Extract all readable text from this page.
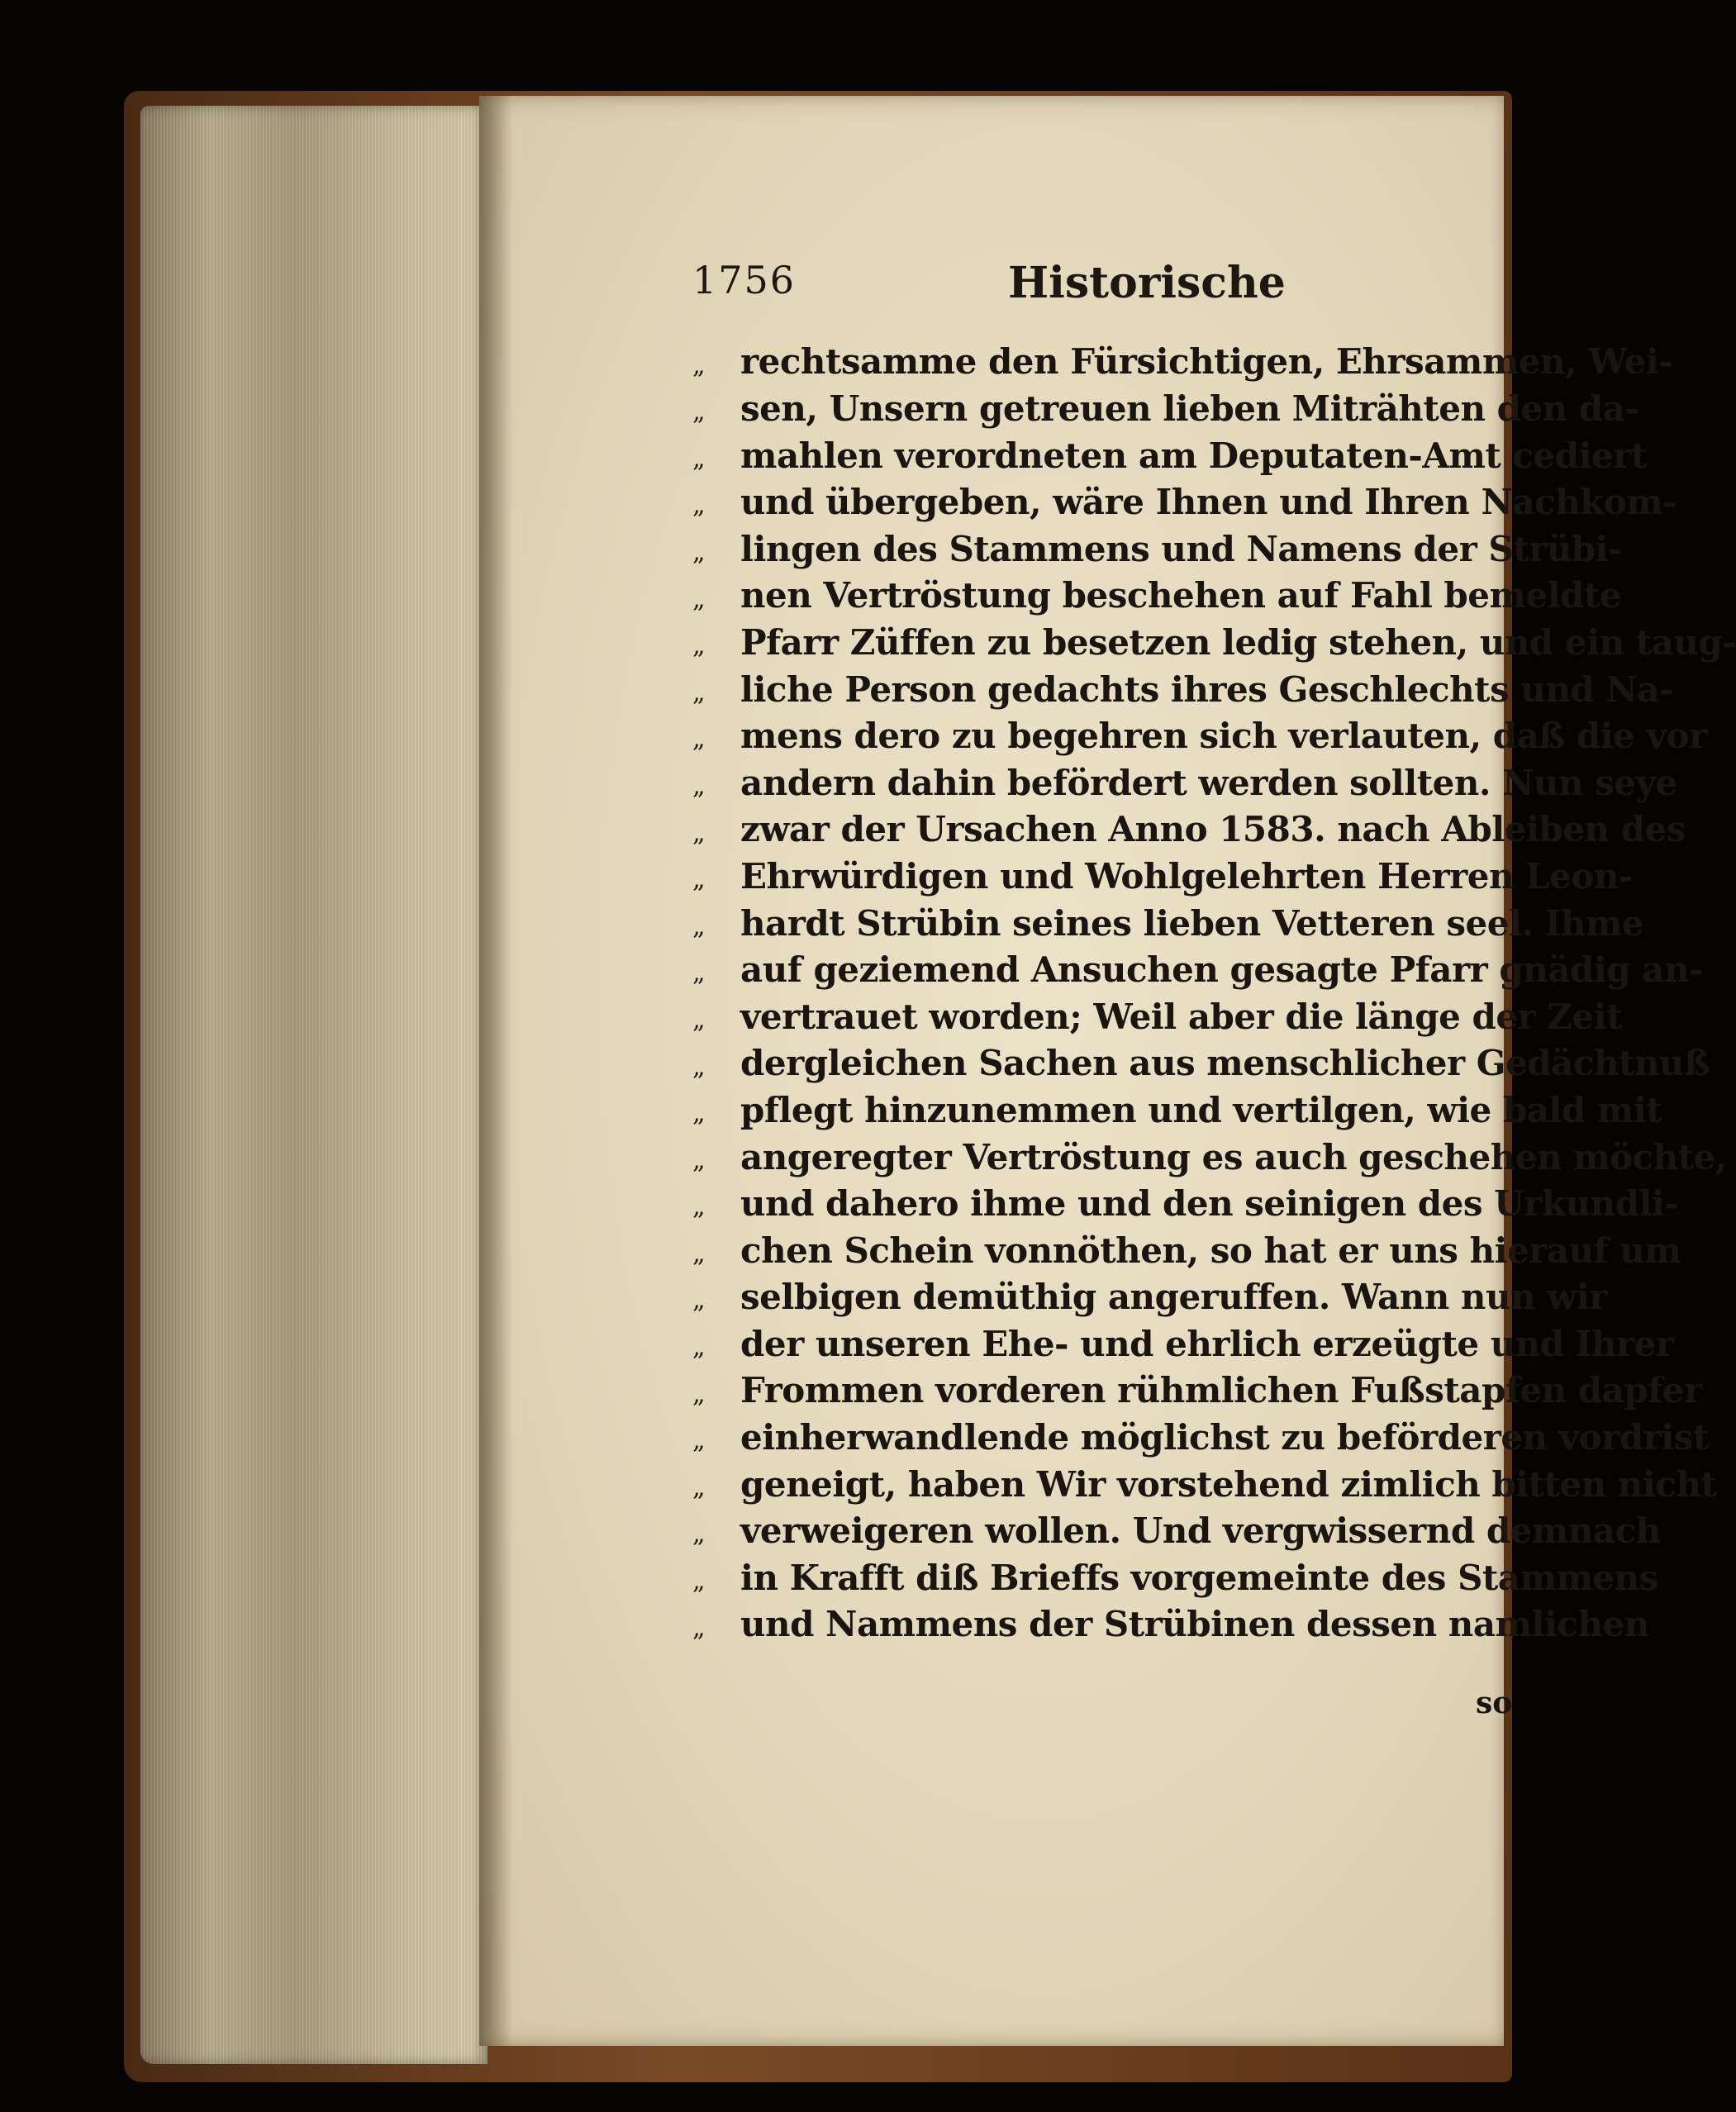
1756	Historische
„	rechtsamme den Fürsichtigen, Ehrsammen, Wei-
„	sen, Unsern getreuen lieben Miträhten den da-
„	mahlen verordneten am Deputaten-Amt cediert
„	und übergeben, wäre Ihnen und Ihren Nachkom-
„	lingen des Stammens und Namens der Strübi-
„	nen Vertröstung beschehen auf Fahl bemeldte
„	Pfarr Züffen zu besetzen ledig stehen, und ein taug-
„	liche Person gedachts ihres Geschlechts und Na-
„	mens dero zu begehren sich verlauten, daß die vor
„	andern dahin befördert werden sollten. Nun seye
„	zwar der Ursachen Anno 1583. nach Ableiben des
„	Ehrwürdigen und Wohlgelehrten Herren Leon-
„	hardt Strübin seines lieben Vetteren seel. Ihme
„	auf geziemend Ansuchen gesagte Pfarr gnädig an-
„	vertrauet worden; Weil aber die länge der Zeit
„	dergleichen Sachen aus menschlicher Gedächtnuß
„	pflegt hinzunemmen und vertilgen, wie bald mit
„	angeregter Vertröstung es auch geschehen möchte,
„	und dahero ihme und den seinigen des Urkundli-
„	chen Schein vonnöthen, so hat er uns hierauf um
„	selbigen demüthig angeruffen. Wann nun wir
„	der unseren Ehe- und ehrlich erzeügte und Ihrer
„	Frommen vorderen rühmlichen Fußstapfen dapfer
„	einherwandlende möglichst zu beförderen vordrist
„	geneigt, haben Wir vorstehend zimlich bitten nicht
„	verweigeren wollen. Und vergwissernd demnach
„	in Krafft diß Brieffs vorgemeinte des Stammens
„	und Nammens der Strübinen dessen namlichen
so
